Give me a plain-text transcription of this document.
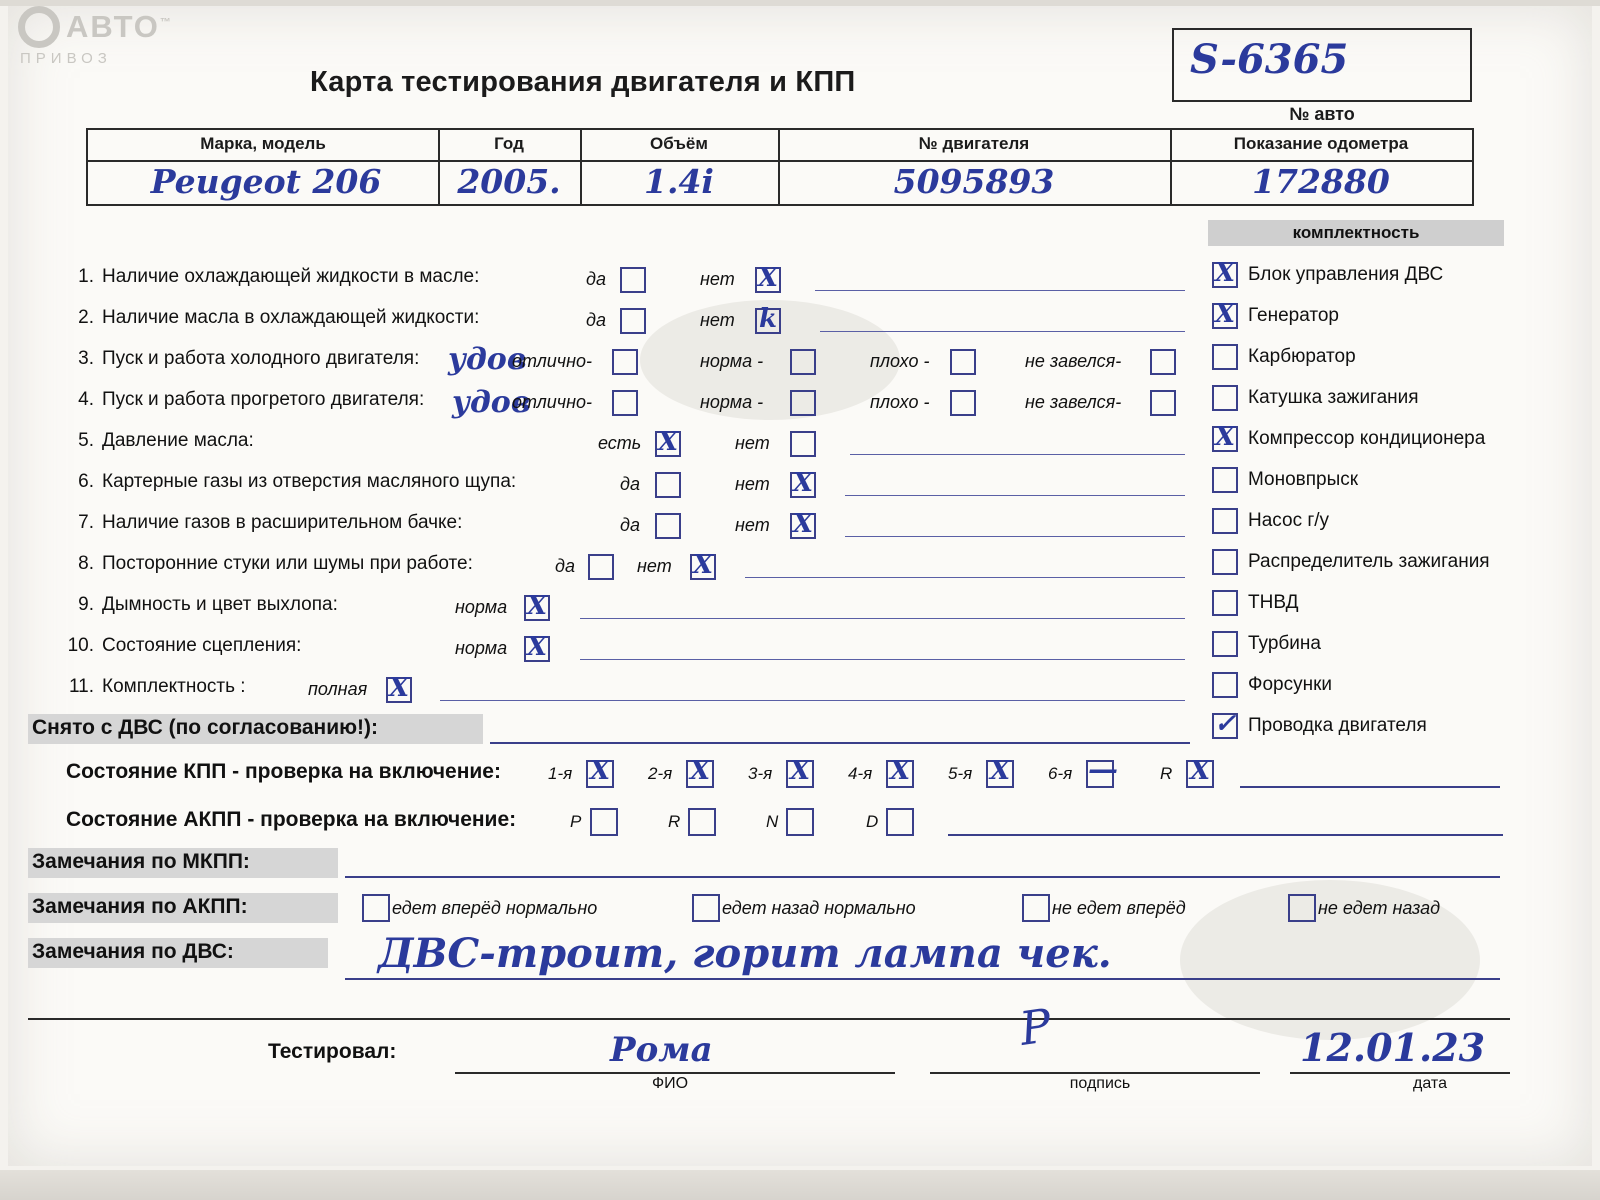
АВТО™
ПРИВОЗ
Карта тестирования двигателя и КПП	S-6365
№ авто
Марка, модель	Год	Объём	№ двигателя	Показание одометра
Peugeot 206	2005.	1.4i	5095893	172880
комплектность
X Блок управления ДВС
X Генератор
Карбюратор
Катушка зажигания
X Компрессор кондиционера
Моновпрыск
Насос г/у
Распределитель зажигания
ТНВД
Турбина
Форсунки
✓ Проводка двигателя
1. Наличие охлаждающей жидкости в масле:	да	нет X
2. Наличие масла в охлаждающей жидкости:	да	нет k
3. Пуск и работа холодного двигателя: удов
отлично-	норма -	плохо -	не завелся-
4. Пуск и работа прогретого двигателя: удов
отлично-	норма -	плохо -	не завелся-
5. Давление масла:	есть X	нет
6. Картерные газы из отверстия масляного щупа:	да	нет X
7. Наличие газов в расширительном бачке:	да	нет X
8. Посторонние стуки или шумы при работе:	да	нет X
9. Дымность и цвет выхлопа:	норма X
10. Состояние сцепления:	норма X
11. Комплектность :	полная X
Снято с ДВС (по согласованию!):
Состояние КПП - проверка на включение:	1-я X 2-я X 3-я X 4-я X 5-я X 6-я — R X
Состояние АКПП - проверка на включение:	P	R	N	D
Замечания по МКПП:
Замечания по АКПП:	едет вперёд нормально	едет назад нормально	не едет вперёд	не едет назад
Замечания по ДВС:	ДВС-троит, горит лампа чек.
Тестировал:	Рома
ФИО
Р
подпись
12.01.23
дата
